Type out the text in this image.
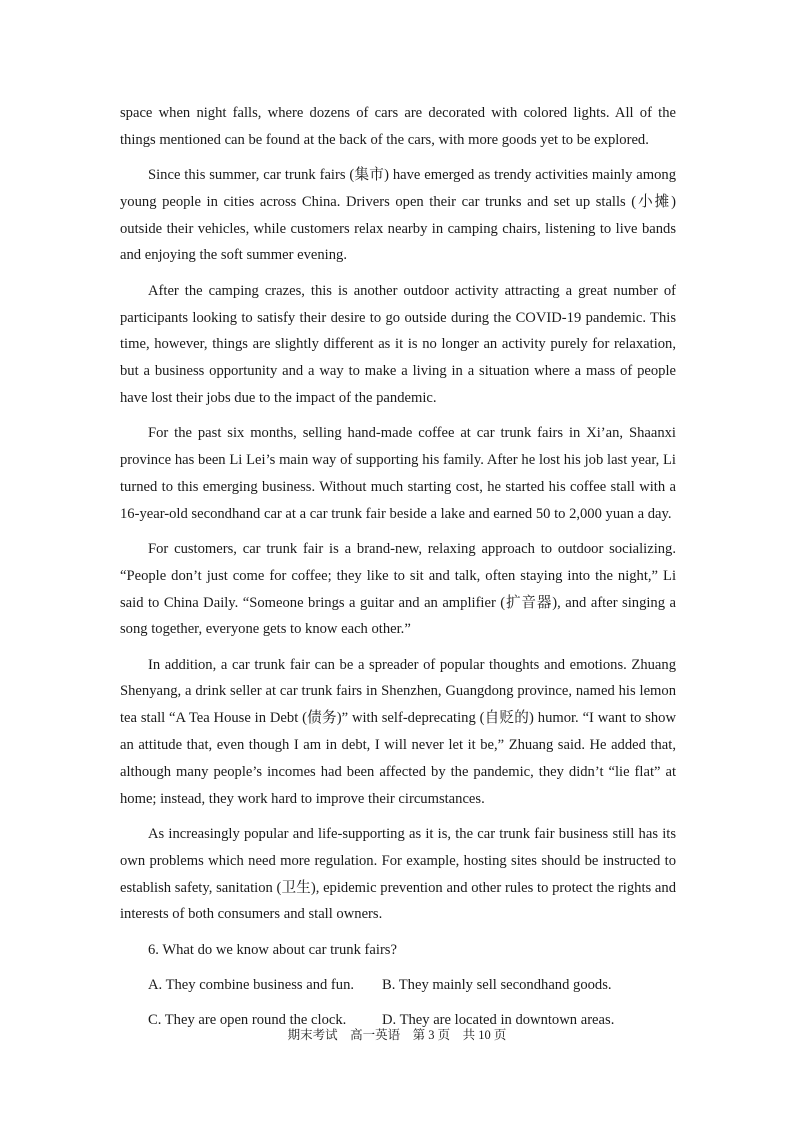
space when night falls, where dozens of cars are decorated with colored lights. All of the things mentioned can be found at the back of the cars, with more goods yet to be explored.

Since this summer, car trunk fairs (集市) have emerged as trendy activities mainly among young people in cities across China. Drivers open their car trunks and set up stalls (小摊) outside their vehicles, while customers relax nearby in camping chairs, listening to live bands and enjoying the soft summer evening.

After the camping crazes, this is another outdoor activity attracting a great number of participants looking to satisfy their desire to go outside during the COVID-19 pandemic. This time, however, things are slightly different as it is no longer an activity purely for relaxation, but a business opportunity and a way to make a living in a situation where a mass of people have lost their jobs due to the impact of the pandemic.

For the past six months, selling hand-made coffee at car trunk fairs in Xi’an, Shaanxi province has been Li Lei’s main way of supporting his family. After he lost his job last year, Li turned to this emerging business. Without much starting cost, he started his coffee stall with a 16-year-old secondhand car at a car trunk fair beside a lake and earned 50 to 2,000 yuan a day.

For customers, car trunk fair is a brand-new, relaxing approach to outdoor socializing. “People don’t just come for coffee; they like to sit and talk, often staying into the night,” Li said to China Daily. “Someone brings a guitar and an amplifier (扩音器), and after singing a song together, everyone gets to know each other.”

In addition, a car trunk fair can be a spreader of popular thoughts and emotions. Zhuang Shenyang, a drink seller at car trunk fairs in Shenzhen, Guangdong province, named his lemon tea stall “A Tea House in Debt (债务)” with self-deprecating (自贬的) humor. “I want to show an attitude that, even though I am in debt, I will never let it be,” Zhuang said. He added that, although many people’s incomes had been affected by the pandemic, they didn’t “lie flat” at home; instead, they work hard to improve their circumstances.

As increasingly popular and life-supporting as it is, the car trunk fair business still has its own problems which need more regulation. For example, hosting sites should be instructed to establish safety, sanitation (卫生), epidemic prevention and other rules to protect the rights and interests of both consumers and stall owners.

6. What do we know about car trunk fairs?

A. They combine business and fun. B. They mainly sell secondhand goods.
C. They are open round the clock. D. They are located in downtown areas.
期末考试    高一英语    第 3 页    共 10 页
